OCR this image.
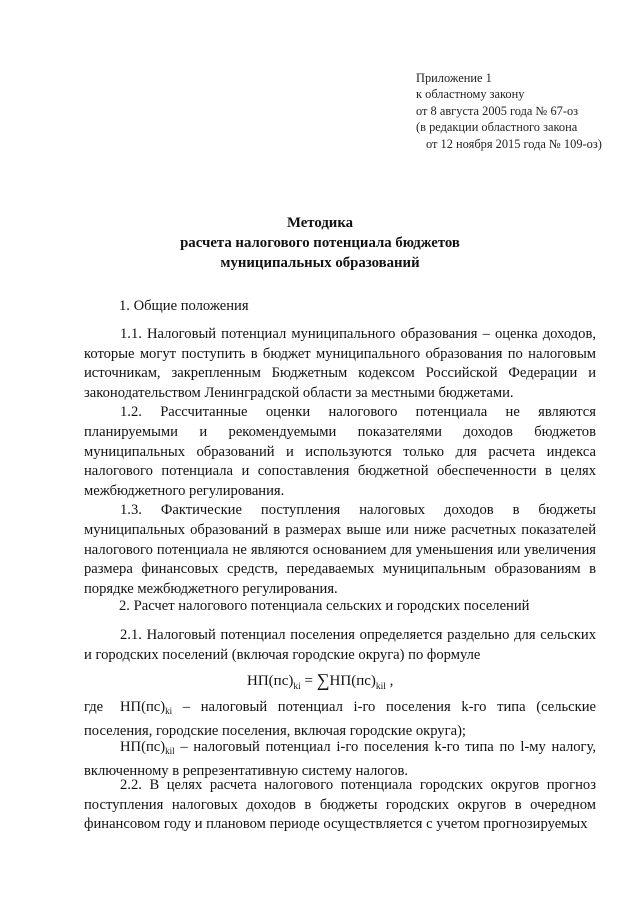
Приложение 1
к областному закону
от 8 августа 2005 года № 67-оз
(в редакции областного закона
от 12 ноября 2015 года № 109-оз)
Методика
расчета налогового потенциала бюджетов
муниципальных образований
1. Общие положения

1.1. Налоговый потенциал муниципального образования – оценка доходов, которые могут поступить в бюджет муниципального образования по налоговым источникам, закрепленным Бюджетным кодексом Российской Федерации и законодательством Ленинградской области за местными бюджетами.

1.2. Рассчитанные оценки налогового потенциала не являются планируемыми и рекомендуемыми показателями доходов бюджетов муниципальных образований и используются только для расчета индекса налогового потенциала и сопоставления бюджетной обеспеченности в целях межбюджетного регулирования.

1.3. Фактические поступления налоговых доходов в бюджеты муниципальных образований в размерах выше или ниже расчетных показателей налогового потенциала не являются основанием для уменьшения или увеличения размера финансовых средств, передаваемых муниципальным образованиям в порядке межбюджетного регулирования.

2. Расчет налогового потенциала сельских и городских поселений

2.1. Налоговый потенциал поселения определяется раздельно для сельских и городских поселений (включая городские округа) по формуле

$НП(пс)_{ki} = \sum НП(пс)_{kil}$ ,
где $НП(пс)_{ki}$ – налоговый потенциал i-го поселения k-го типа (сельские поселения, городские поселения, включая городские округа);
$НП(пс)_{kil}$ – налоговый потенциал i-го поселения k-го типа по l-му налогу, включенному в репрезентативную систему налогов.

2.2. В целях расчета налогового потенциала городских округов прогноз поступления налоговых доходов в бюджеты городских округов в очередном финансовом году и плановом периоде осуществляется с учетом прогнозируемых
